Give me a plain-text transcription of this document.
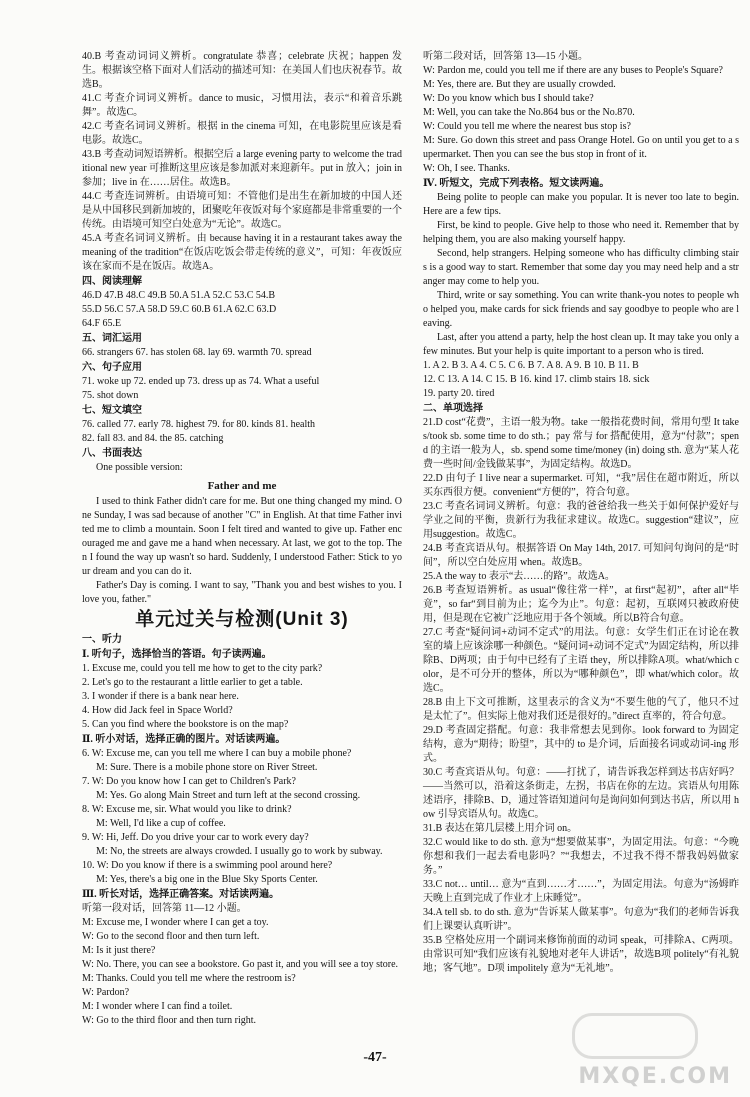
40.B 考查动词词义辨析。congratulate 恭喜；celebrate 庆祝；happen 发生。根据该空格下面对人们活动的描述可知：在美国人们也庆祝春节。故选B。

41.C 考查介词词义辨析。dance to music，习惯用法，表示“和着音乐跳舞”。故选C。

42.C 考查名词词义辨析。根据 in the cinema 可知，在电影院里应该是看电影。故选C。

43.B 考查动词短语辨析。根据空后 a large evening party to welcome the traditional new year 可推断这里应该是参加派对来迎新年。put in 放入；join in 参加；live in 在……居住。故选B。

44.C 考查连词辨析。由语境可知：不管他们是出生在新加坡的中国人还是从中国移民到新加坡的，团聚吃年夜饭对每个家庭都是非常重要的一个传统。由语境可知空白处意为“无论”。故选C。

45.A 考查名词词义辨析。由 because having it in a restaurant takes away the meaning of the tradition“在饭店吃饭会带走传统的意义”，可知：年夜饭应该在家而不是在饭店。故选A。

四、阅读理解

46.D 47.B 48.C 49.B 50.A 51.A 52.C 53.C 54.B

55.D 56.C 57.A 58.D 59.C 60.B 61.A 62.C 63.D

64.F 65.E

五、词汇运用

66. strangers 67. has stolen 68. lay 69. warmth 70. spread

六、句子应用

71. woke up 72. ended up 73. dress up as 74. What a useful

75. shot down

七、短文填空

76. called 77. early 78. highest 79. for 80. kinds 81. health

82. fall 83. and 84. the 85. catching

八、书面表达

One possible version:

Father and me

I used to think Father didn't care for me. But one thing changed my mind. One Sunday, I was sad because of another "C" in English. At that time Father invited me to climb a mountain. Soon I felt tired and wanted to give up. Father encouraged me and gave me a hand when necessary. At last, we got to the top. Then I found the way up wasn't so hard. Suddenly, I understood Father: Stick to your dream and you can do it.

Father's Day is coming. I want to say, "Thank you and best wishes to you. I love you, father."

单元过关与检测(Unit 3)

一、听力

Ⅰ. 听句子，选择恰当的答语。句子读两遍。

1. Excuse me, could you tell me how to get to the city park?

2. Let's go to the restaurant a little earlier to get a table.

3. I wonder if there is a bank near here.

4. How did Jack feel in Space World?

5. Can you find where the bookstore is on the map?

Ⅱ. 听小对话，选择正确的图片。对话读两遍。

6. W: Excuse me, can you tell me where I can buy a mobile phone?

M: Sure. There is a mobile phone store on River Street.

7. W: Do you know how I can get to Children's Park?

M: Yes. Go along Main Street and turn left at the second crossing.

8. W: Excuse me, sir. What would you like to drink?

M: Well, I'd like a cup of coffee.

9. W: Hi, Jeff. Do you drive your car to work every day?

M: No, the streets are always crowded. I usually go to work by subway.

10. W: Do you know if there is a swimming pool around here?

M: Yes, there's a big one in the Blue Sky Sports Center.

Ⅲ. 听长对话，选择正确答案。对话读两遍。

听第一段对话，回答第 11—12 小题。

M: Excuse me, I wonder where I can get a toy.

W: Go to the second floor and then turn left.

M: Is it just there?

W: No. There, you can see a bookstore. Go past it, and you will see a toy store.

M: Thanks. Could you tell me where the restroom is?

W: Pardon?

M: I wonder where I can find a toilet.

W: Go to the third floor and then turn right.

听第二段对话，回答第 13—15 小题。

W: Pardon me, could you tell me if there are any buses to People's Square?

M: Yes, there are. But they are usually crowded.

W: Do you know which bus I should take?

M: Well, you can take the No.864 bus or the No.870.

W: Could you tell me where the nearest bus stop is?

M: Sure. Go down this street and pass Orange Hotel. Go on until you get to a supermarket. Then you can see the bus stop in front of it.

W: Oh, I see. Thanks.

Ⅳ. 听短文，完成下列表格。短文读两遍。

Being polite to people can make you popular. It is never too late to begin. Here are a few tips.

First, be kind to people. Give help to those who need it. Remember that by helping them, you are also making yourself happy.

Second, help strangers. Helping someone who has difficulty climbing stairs is a good way to start. Remember that some day you may need help and a stranger may come to help you.

Third, write or say something. You can write thank-you notes to people who helped you, make cards for sick friends and say goodbye to people who are leaving.

Last, after you attend a party, help the host clean up. It may take you only a few minutes. But your help is quite important to a person who is tired.

1. A 2. B 3. A 4. C 5. C 6. B 7. A 8. A 9. B 10. B 11. B

12. C 13. A 14. C 15. B 16. kind 17. climb stairs 18. sick

19. party 20. tired

二、单项选择

21.D cost“花费”，主语一般为物。take 一般指花费时间，常用句型 It takes/took sb. some time to do sth.；pay 常与 for 搭配使用，意为“付款”；spend 的主语一般为人，sb. spend some time/money (in) doing sth. 意为“某人花费一些时间/金钱做某事”，为固定结构。故选D。

22.D 由句子 I live near a supermarket. 可知，“我”居住在超市附近，所以买东西很方便。convenient“方便的”，符合句意。

23.C 考查名词词义辨析。句意：我的爸爸给我一些关于如何保护爱好与学业之间的平衡，贵新行为我征求建议。故选C。suggestion“建议”，应用suggestion。故选C。

24.B 考查宾语从句。根据答语 On May 14th, 2017. 可知问句询问的是“时间”，所以空白处应用 when。故选B。

25.A the way to 表示“去……的路”。故选A。

26.B 考查短语辨析。as usual“像往常一样”，at first“起初”，after all“毕竟”，so far“到目前为止；迄今为止”。句意：起初，互联网只被政府使用，但是现在它被广泛地应用于各个领域。所以B符合句意。

27.C 考查“疑问词+动词不定式”的用法。句意：女学生们正在讨论在教室的墙上应该涂哪一种颜色。“疑问词+动词不定式”为固定结构，所以排除B、D两项；由于句中已经有了主语 they，所以排除A项。what/which color，是不可分开的整体，所以为“哪种颜色”，即 what/which color。故选C。

28.B 由上下文可推断，这里表示的含义为“不要生他的气了，他只不过是太忙了”。但实际上他对我们还是很好的。”direct 直率的，符合句意。

29.D 考查固定搭配。句意：我非常想去见到你。look forward to 为固定结构，意为“期待；盼望”，其中的 to 是介词，后面接名词或动词-ing 形式。

30.C 考查宾语从句。句意：——打扰了，请告诉我怎样到达书店好吗？——当然可以，沿着这条街走，左拐，书店在你的左边。宾语从句用陈述语序，排除B、D，通过答语知道问句是询问如何到达书店，所以用 how 引导宾语从句。故选C。

31.B 表达在第几层楼上用介词 on。

32.C would like to do sth. 意为“想要做某事”，为固定用法。句意：“今晚你想和我们一起去看电影吗？”“我想去，不过我不得不帮我妈妈做家务。”

33.C not… until… 意为“直到……才……”，为固定用法。句意为“汤姆昨天晚上直到完成了作业才上床睡觉”。

34.A tell sb. to do sth. 意为“告诉某人做某事”。句意为“我们的老师告诉我们上课要认真听讲”。

35.B 空格处应用一个副词来修饰前面的动词 speak，可排除A、C两项。由常识可知“我们应该有礼貌地对老年人讲话”，故选B项 politely“有礼貌地；客气地”。D项 impolitely 意为“无礼地”。

-47-
MXQE.COM
